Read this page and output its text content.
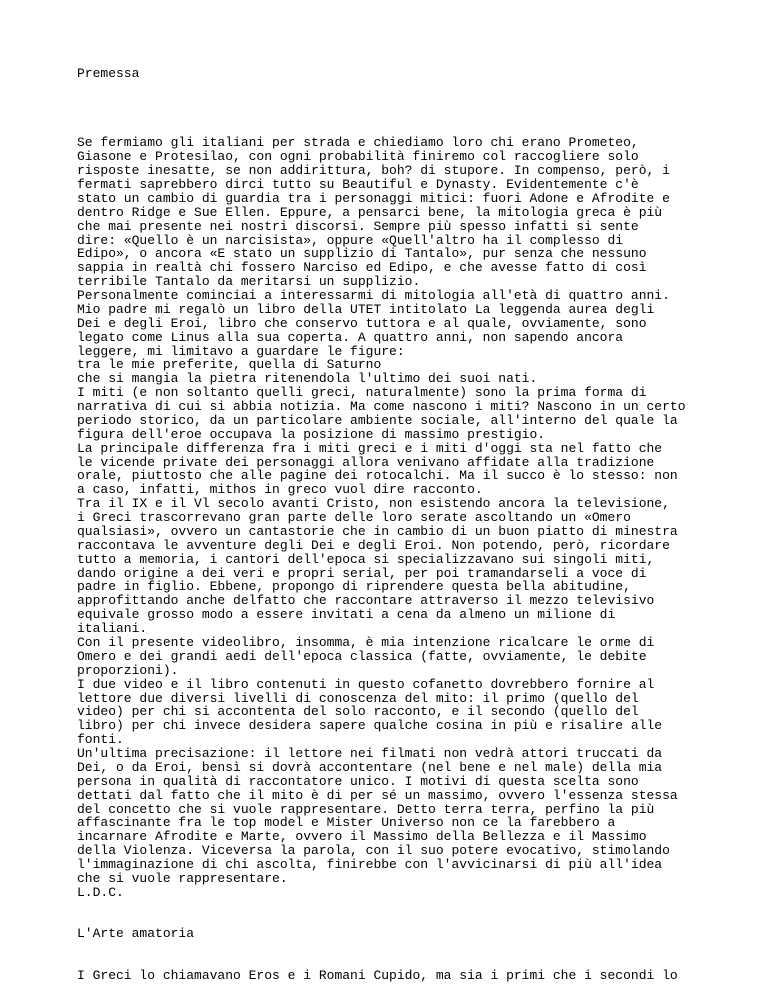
Premessa
Se fermiamo gli italiani per strada e chiediamo loro chi erano Prometeo,
Giasone e Protesilao, con ogni probabilità finiremo col raccogliere solo
risposte inesatte, se non addirittura, boh? di stupore. In compenso, però, i
fermati saprebbero dirci tutto su Beautiful e Dynasty. Evidentemente c'è
stato un cambio di guardia tra i personaggi mitici: fuori Adone e Afrodite e
dentro Ridge e Sue Ellen. Eppure, a pensarci bene, la mitologia greca è più
che mai presente nei nostri discorsi. Sempre più spesso infatti si sente
dire: «Quello è un narcisista», oppure «Quell'altro ha il complesso di
Edipo», o ancora «E stato un supplizio di Tantalo», pur senza che nessuno
sappia in realtà chi fossero Narciso ed Edipo, e che avesse fatto di così
terribile Tantalo da meritarsi un supplizio.
Personalmente cominciai a interessarmi di mitologia all'età di quattro anni.
Mio padre mi regalò un libro della UTET intitolato La leggenda aurea degli
Dei e degli Eroi, libro che conservo tuttora e al quale, ovviamente, sono
legato come Linus alla sua coperta. A quattro anni, non sapendo ancora
leggere, mi limitavo a guardare le figure:
tra le mie preferite, quella di Saturno
che si mangia la pietra ritenendola l'ultimo dei suoi nati.
I miti (e non soltanto quelli greci, naturalmente) sono la prima forma di
narrativa di cui si abbia notizia. Ma come nascono i miti? Nascono in un certo
periodo storico, da un particolare ambiente sociale, all'interno del quale la
figura dell'eroe occupava la posizione di massimo prestigio.
La principale differenza fra i miti greci e i miti d'oggi sta nel fatto che
le vicende private dei personaggi allora venivano affidate alla tradizione
orale, piuttosto che alle pagine dei rotocalchi. Ma il succo è lo stesso: non
a caso, infatti, mithos in greco vuol dire racconto.
Tra il IX e il Vl secolo avanti Cristo, non esistendo ancora la televisione,
i Greci trascorrevano gran parte delle loro serate ascoltando un «Omero
qualsiasi», ovvero un cantastorie che in cambio di un buon piatto di minestra
raccontava le avventure degli Dei e degli Eroi. Non potendo, però, ricordare
tutto a memoria, i cantori dell'epoca si specializzavano sui singoli miti,
dando origine a dei veri e propri serial, per poi tramandarseli a voce di
padre in figlio. Ebbene, propongo di riprendere questa bella abitudine,
approfittando anche delfatto che raccontare attraverso il mezzo televisivo
equivale grosso modo a essere invitati a cena da almeno un milione di
italiani.
Con il presente videolibro, insomma, è mia intenzione ricalcare le orme di
Omero e dei grandi aedi dell'epoca classica (fatte, ovviamente, le debite
proporzioni).
I due video e il libro contenuti in questo cofanetto dovrebbero fornire al
lettore due diversi livelli di conoscenza del mito: il primo (quello del
video) per chi si accontenta del solo racconto, e il secondo (quello del
libro) per chi invece desidera sapere qualche cosina in più e risalire alle
fonti.
Un'ultima precisazione: il lettore nei filmati non vedrà attori truccati da
Dei, o da Eroi, bensì si dovrà accontentare (nel bene e nel male) della mia
persona in qualità di raccontatore unico. I motivi di questa scelta sono
dettati dal fatto che il mito è di per sé un massimo, ovvero l'essenza stessa
del concetto che si vuole rappresentare. Detto terra terra, perfino la più
affascinante fra le top model e Mister Universo non ce la farebbero a
incarnare Afrodite e Marte, ovvero il Massimo della Bellezza e il Massimo
della Violenza. Viceversa la parola, con il suo potere evocativo, stimolando
l'immaginazione di chi ascolta, finirebbe con l'avvicinarsi di più all'idea
che si vuole rappresentare.
L.D.C.
L'Arte amatoria
I Greci lo chiamavano Eros e i Romani Cupido, ma sia i primi che i secondi lo
